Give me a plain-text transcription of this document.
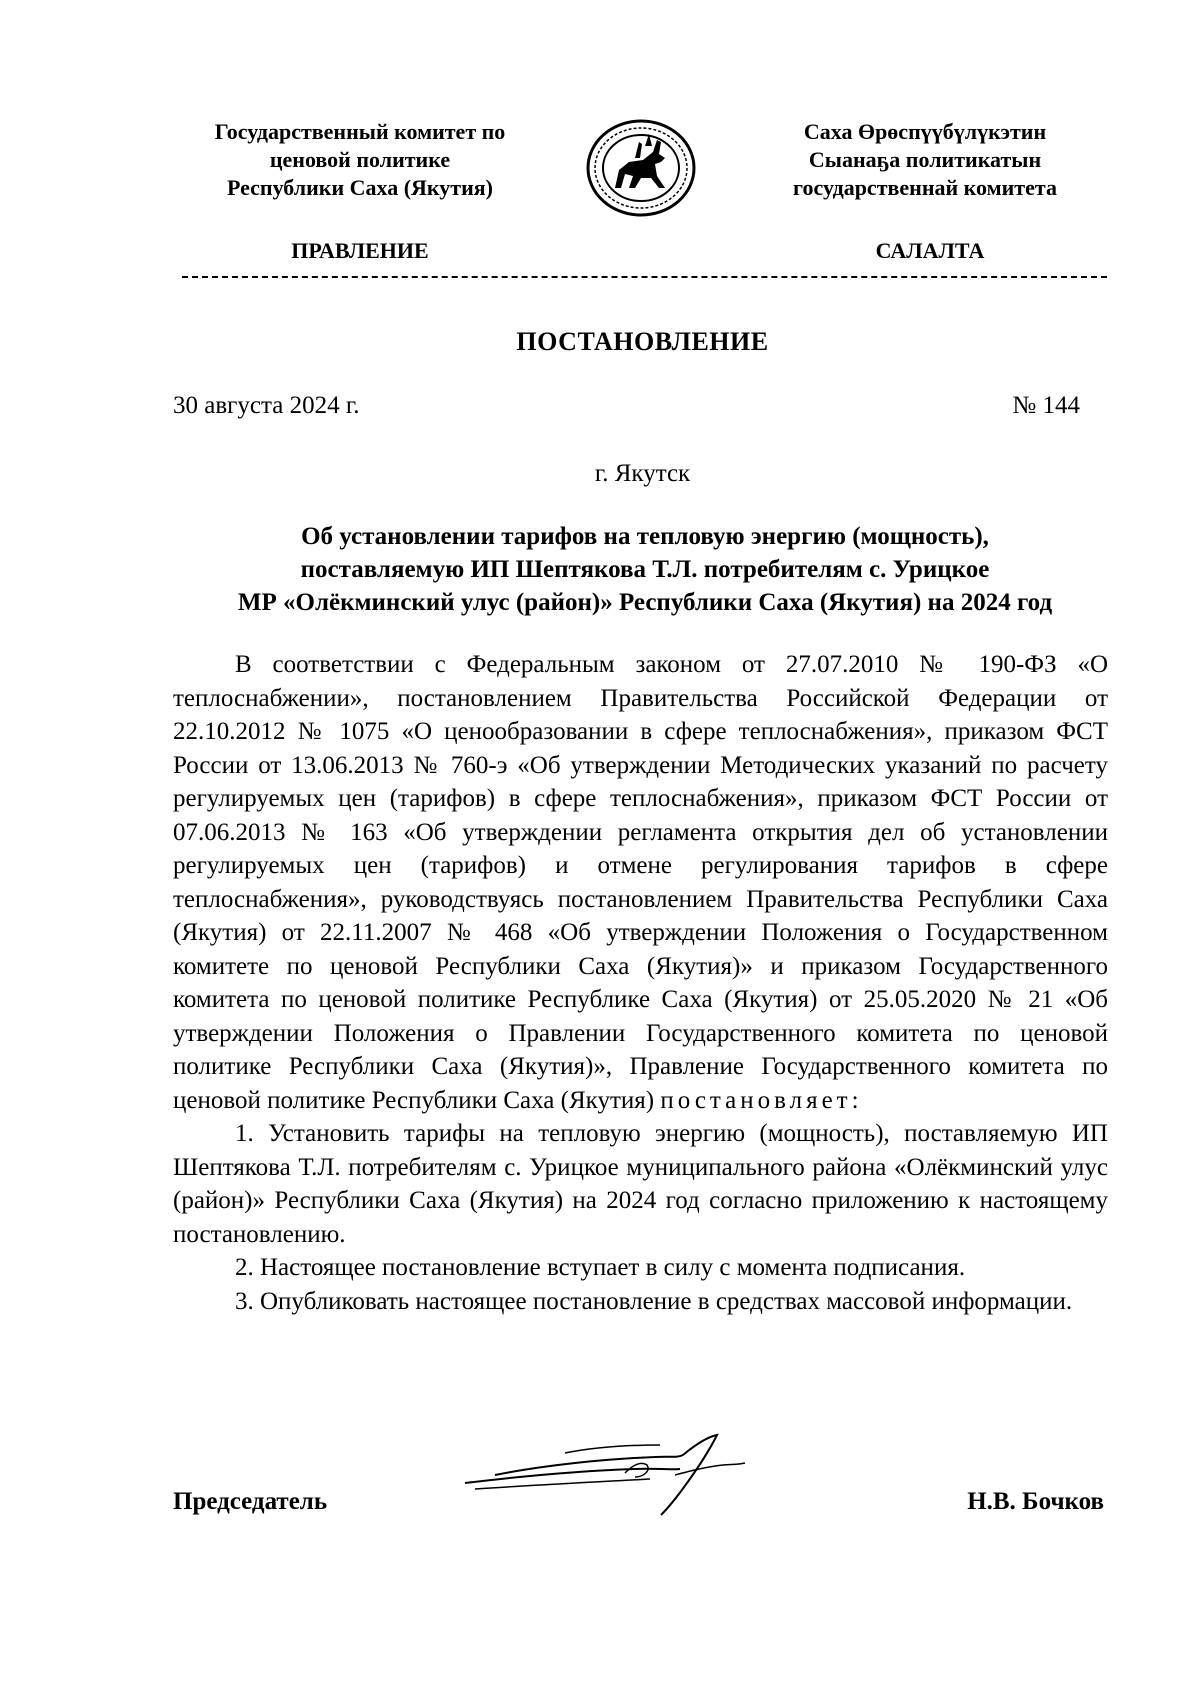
Государственный комитет по
ценовой политике
Республики Саха (Якутия)
Саха Өрөспүүбүлүкэтин
Сыанаҕа политикатын
государственнай комитета
ПРАВЛЕНИЕ	САЛАЛТА
ПОСТАНОВЛЕНИЕ
30 августа 2024 г.	№ 144
г. Якутск
Об установлении тарифов на тепловую энергию (мощность),
поставляемую ИП Шептякова Т.Л. потребителям с. Урицкое
МР «Олёкминский улус (район)» Республики Саха (Якутия) на 2024 год

В соответствии с Федеральным законом от 27.07.2010 № 190-ФЗ «О теплоснабжении», постановлением Правительства Российской Федерации от 22.10.2012 № 1075 «О ценообразовании в сфере теплоснабжения», приказом ФСТ России от 13.06.2013 № 760-э «Об утверждении Методических указаний по расчету регулируемых цен (тарифов) в сфере теплоснабжения», приказом ФСТ России от 07.06.2013 № 163 «Об утверждении регламента открытия дел об установлении регулируемых цен (тарифов) и отмене регулирования тарифов в сфере теплоснабжения», руководствуясь постановлением Правительства Республики Саха (Якутия) от 22.11.2007 № 468 «Об утверждении Положения о Государственном комитете по ценовой Республики Саха (Якутия)» и приказом Государственного комитета по ценовой политике Республике Саха (Якутия) от 25.05.2020 № 21 «Об утверждении Положения о Правлении Государственного комитета по ценовой политике Республики Саха (Якутия)», Правление Государственного комитета по ценовой политике Республики Саха (Якутия) постановляет:

1. Установить тарифы на тепловую энергию (мощность), поставляемую ИП Шептякова Т.Л. потребителям с. Урицкое муниципального района «Олёкминский улус (район)» Республики Саха (Якутия) на 2024 год согласно приложению к настоящему постановлению.

2. Настоящее постановление вступает в силу с момента подписания.

3. Опубликовать настоящее постановление в средствах массовой информации.

Председатель	Н.В. Бочков
